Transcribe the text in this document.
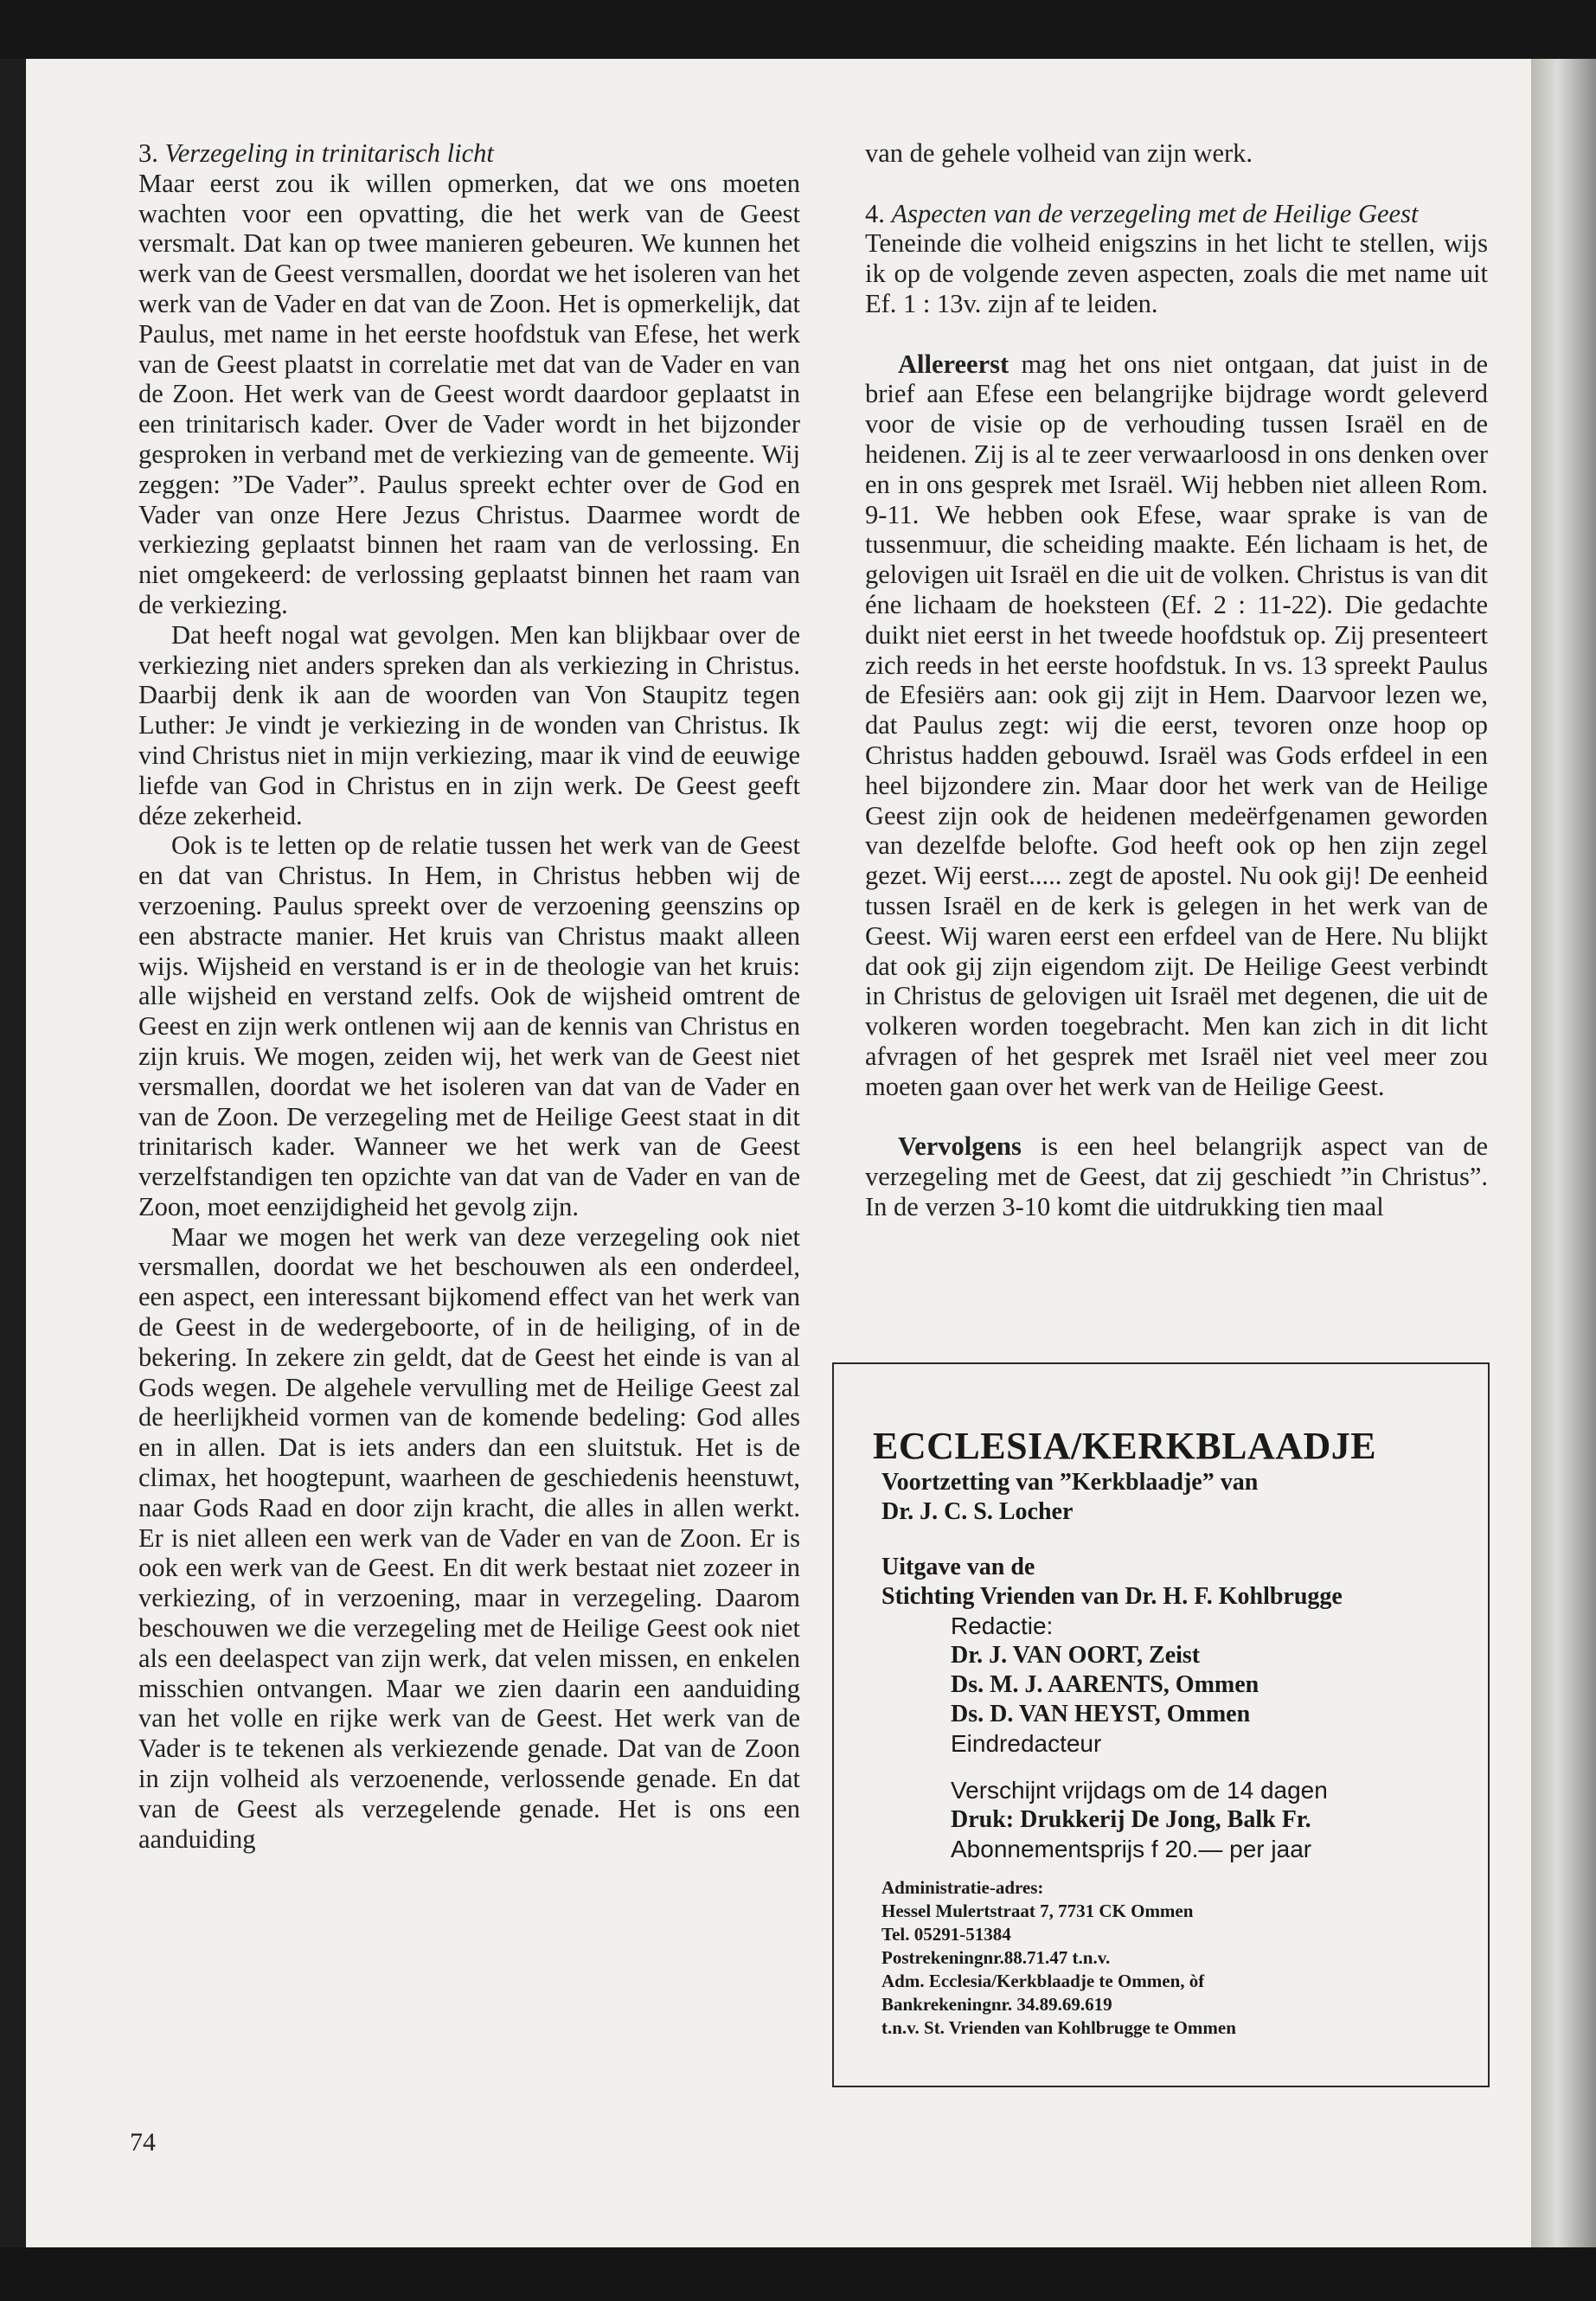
3. Verzegeling in trinitarisch licht

Maar eerst zou ik willen opmerken, dat we ons moeten wachten voor een opvatting, die het werk van de Geest versmalt. Dat kan op twee manieren gebeuren. We kunnen het werk van de Geest versmallen, doordat we het isoleren van het werk van de Vader en dat van de Zoon. Het is opmerkelijk, dat Paulus, met name in het eerste hoofdstuk van Efese, het werk van de Geest plaatst in correlatie met dat van de Vader en van de Zoon. Het werk van de Geest wordt daardoor geplaatst in een trinitarisch kader. Over de Vader wordt in het bijzonder gesproken in verband met de verkiezing van de gemeente. Wij zeggen: ”De Vader”. Paulus spreekt echter over de God en Vader van onze Here Jezus Christus. Daarmee wordt de verkiezing geplaatst binnen het raam van de verlossing. En niet omgekeerd: de verlossing geplaatst binnen het raam van de verkiezing.

Dat heeft nogal wat gevolgen. Men kan blijkbaar over de verkiezing niet anders spreken dan als verkiezing in Christus. Daarbij denk ik aan de woorden van Von Staupitz tegen Luther: Je vindt je verkiezing in de wonden van Christus. Ik vind Christus niet in mijn verkiezing, maar ik vind de eeuwige liefde van God in Christus en in zijn werk. De Geest geeft déze zekerheid.

Ook is te letten op de relatie tussen het werk van de Geest en dat van Christus. In Hem, in Christus hebben wij de verzoening. Paulus spreekt over de verzoening geenszins op een abstracte manier. Het kruis van Christus maakt alleen wijs. Wijsheid en verstand is er in de theologie van het kruis: alle wijsheid en verstand zelfs. Ook de wijsheid omtrent de Geest en zijn werk ontlenen wij aan de kennis van Christus en zijn kruis. We mogen, zeiden wij, het werk van de Geest niet versmallen, doordat we het isoleren van dat van de Vader en van de Zoon. De verzegeling met de Heilige Geest staat in dit trinitarisch kader. Wanneer we het werk van de Geest verzelfstandigen ten opzichte van dat van de Vader en van de Zoon, moet eenzijdigheid het gevolg zijn.

Maar we mogen het werk van deze verzegeling ook niet versmallen, doordat we het beschouwen als een onderdeel, een aspect, een interessant bijkomend effect van het werk van de Geest in de wedergeboorte, of in de heiliging, of in de bekering. In zekere zin geldt, dat de Geest het einde is van al Gods wegen. De algehele vervulling met de Heilige Geest zal de heerlijkheid vormen van de komende bedeling: God alles en in allen. Dat is iets anders dan een sluitstuk. Het is de climax, het hoogtepunt, waarheen de geschiedenis heenstuwt, naar Gods Raad en door zijn kracht, die alles in allen werkt. Er is niet alleen een werk van de Vader en van de Zoon. Er is ook een werk van de Geest. En dit werk bestaat niet zozeer in verkiezing, of in verzoening, maar in verzegeling. Daarom beschouwen we die verzegeling met de Heilige Geest ook niet als een deelaspect van zijn werk, dat velen missen, en enkelen misschien ontvangen. Maar we zien daarin een aanduiding van het volle en rijke werk van de Geest. Het werk van de Vader is te tekenen als verkiezende genade. Dat van de Zoon in zijn volheid als verzoenende, verlossende genade. En dat van de Geest als verzegelende genade. Het is ons een aanduiding

van de gehele volheid van zijn werk.

4. Aspecten van de verzegeling met de Heilige Geest

Teneinde die volheid enigszins in het licht te stellen, wijs ik op de volgende zeven aspecten, zoals die met name uit Ef. 1 : 13v. zijn af te leiden.

Allereerst mag het ons niet ontgaan, dat juist in de brief aan Efese een belangrijke bijdrage wordt geleverd voor de visie op de verhouding tussen Israël en de heidenen. Zij is al te zeer verwaarloosd in ons denken over en in ons gesprek met Israël. Wij hebben niet alleen Rom. 9-11. We hebben ook Efese, waar sprake is van de tussenmuur, die scheiding maakte. Eén lichaam is het, de gelovigen uit Israël en die uit de volken. Christus is van dit éne lichaam de hoeksteen (Ef. 2 : 11-22). Die gedachte duikt niet eerst in het tweede hoofdstuk op. Zij presenteert zich reeds in het eerste hoofdstuk. In vs. 13 spreekt Paulus de Efesiërs aan: ook gij zijt in Hem. Daarvoor lezen we, dat Paulus zegt: wij die eerst, tevoren onze hoop op Christus hadden gebouwd. Israël was Gods erfdeel in een heel bijzondere zin. Maar door het werk van de Heilige Geest zijn ook de heidenen medeërfgenamen geworden van dezelfde belofte. God heeft ook op hen zijn zegel gezet. Wij eerst..... zegt de apostel. Nu ook gij! De eenheid tussen Israël en de kerk is gelegen in het werk van de Geest. Wij waren eerst een erfdeel van de Here. Nu blijkt dat ook gij zijn eigendom zijt. De Heilige Geest verbindt in Christus de gelovigen uit Israël met degenen, die uit de volkeren worden toegebracht. Men kan zich in dit licht afvragen of het gesprek met Israël niet veel meer zou moeten gaan over het werk van de Heilige Geest.

Vervolgens is een heel belangrijk aspect van de verzegeling met de Geest, dat zij geschiedt ”in Christus”. In de verzen 3-10 komt die uitdrukking tien maal

ECCLESIA/KERKBLAADJE

Voortzetting van ”Kerkblaadje” van

Dr. J. C. S. Locher

Uitgave van de

Stichting Vrienden van Dr. H. F. Kohlbrugge

Redactie:

Dr. J. VAN OORT, Zeist

Ds. M. J. AARENTS, Ommen

Ds. D. VAN HEYST, Ommen

Eindredacteur

Verschijnt vrijdags om de 14 dagen

Druk: Drukkerij De Jong, Balk Fr.

Abonnementsprijs f 20.— per jaar

Administratie-adres:

Hessel Mulertstraat 7, 7731 CK Ommen

Tel. 05291-51384

Postrekeningnr.88.71.47 t.n.v.

Adm. Ecclesia/Kerkblaadje te Ommen, òf

Bankrekeningnr. 34.89.69.619

t.n.v. St. Vrienden van Kohlbrugge te Ommen

74
